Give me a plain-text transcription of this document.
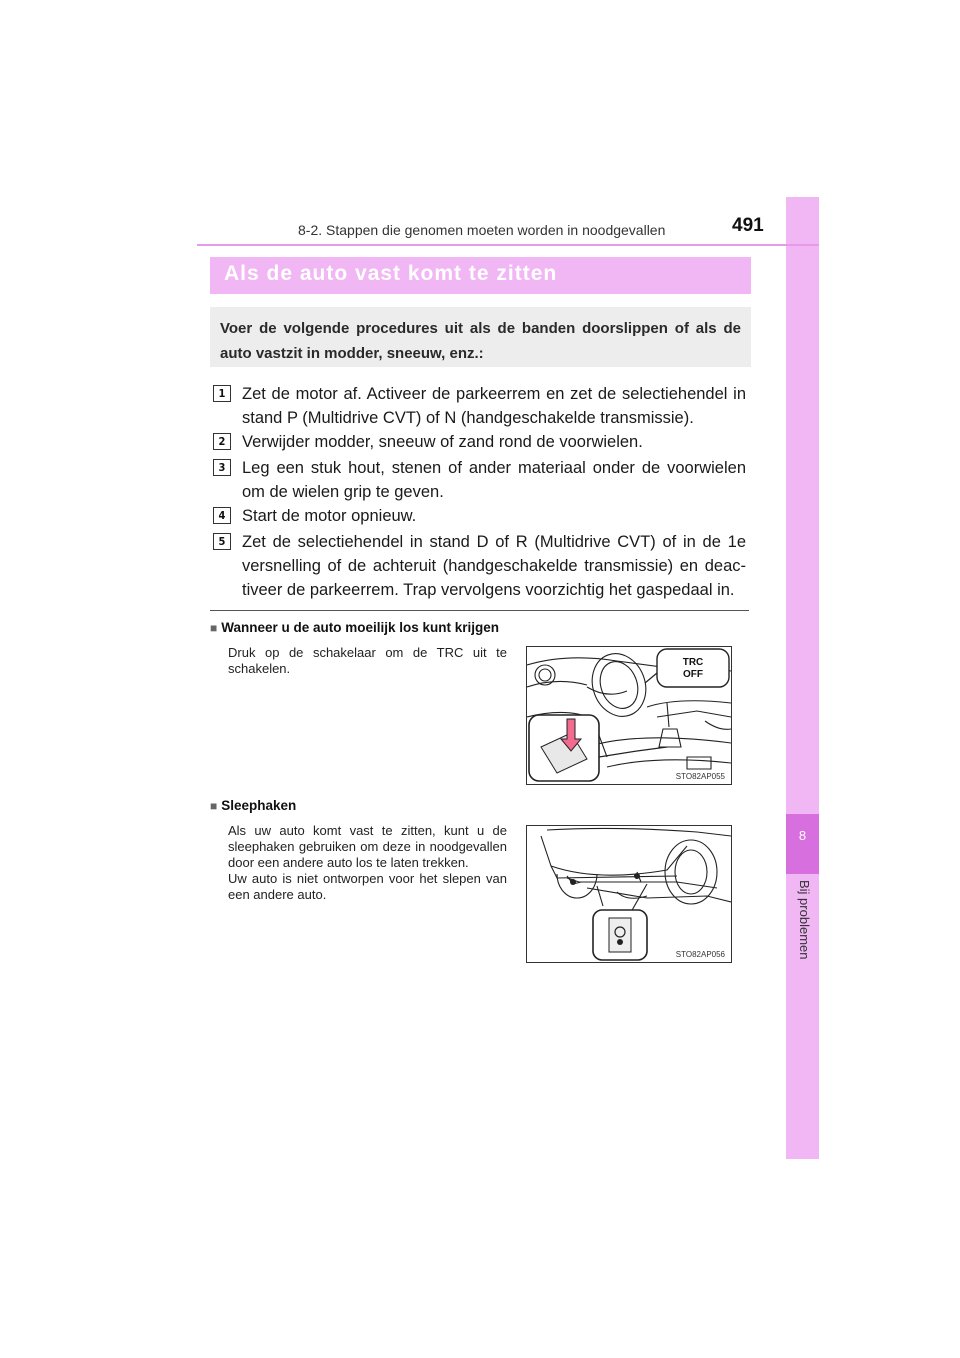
8
Bij problemen
8-2. Stappen die genomen moeten worden in noodgevallen	491
Als de auto vast komt te zitten
Voer de volgende procedures uit als de banden doorslippen of als de auto vastzit in modder, sneeuw, enz.:
1	Zet de motor af. Activeer de parkeerrem en zet de selectiehendel in stand P (Multidrive CVT) of N (handgeschakelde transmissie).
2	Verwijder modder, sneeuw of zand rond de voorwielen.
3	Leg een stuk hout, stenen of ander materiaal onder de voorwielen om de wielen grip te geven.
4	Start de motor opnieuw.
5	Zet de selectiehendel in stand D of R (Multidrive CVT) of in de 1e versnelling of de achteruit (handgeschakelde transmissie) en deactiveer de parkeerrem. Trap vervolgens voorzichtig het gaspedaal in.
■ Wanneer u de auto moeilijk los kunt krijgen
Druk op de schakelaar om de TRC uit te schakelen.	TRC
OFF
STO82AP055
■ Sleephaken
Als uw auto komt vast te zitten, kunt u de sleephaken gebruiken om deze in noodgevallen door een andere auto los te laten trekken.
Uw auto is niet ontworpen voor het slepen van een andere auto.
STO82AP056
